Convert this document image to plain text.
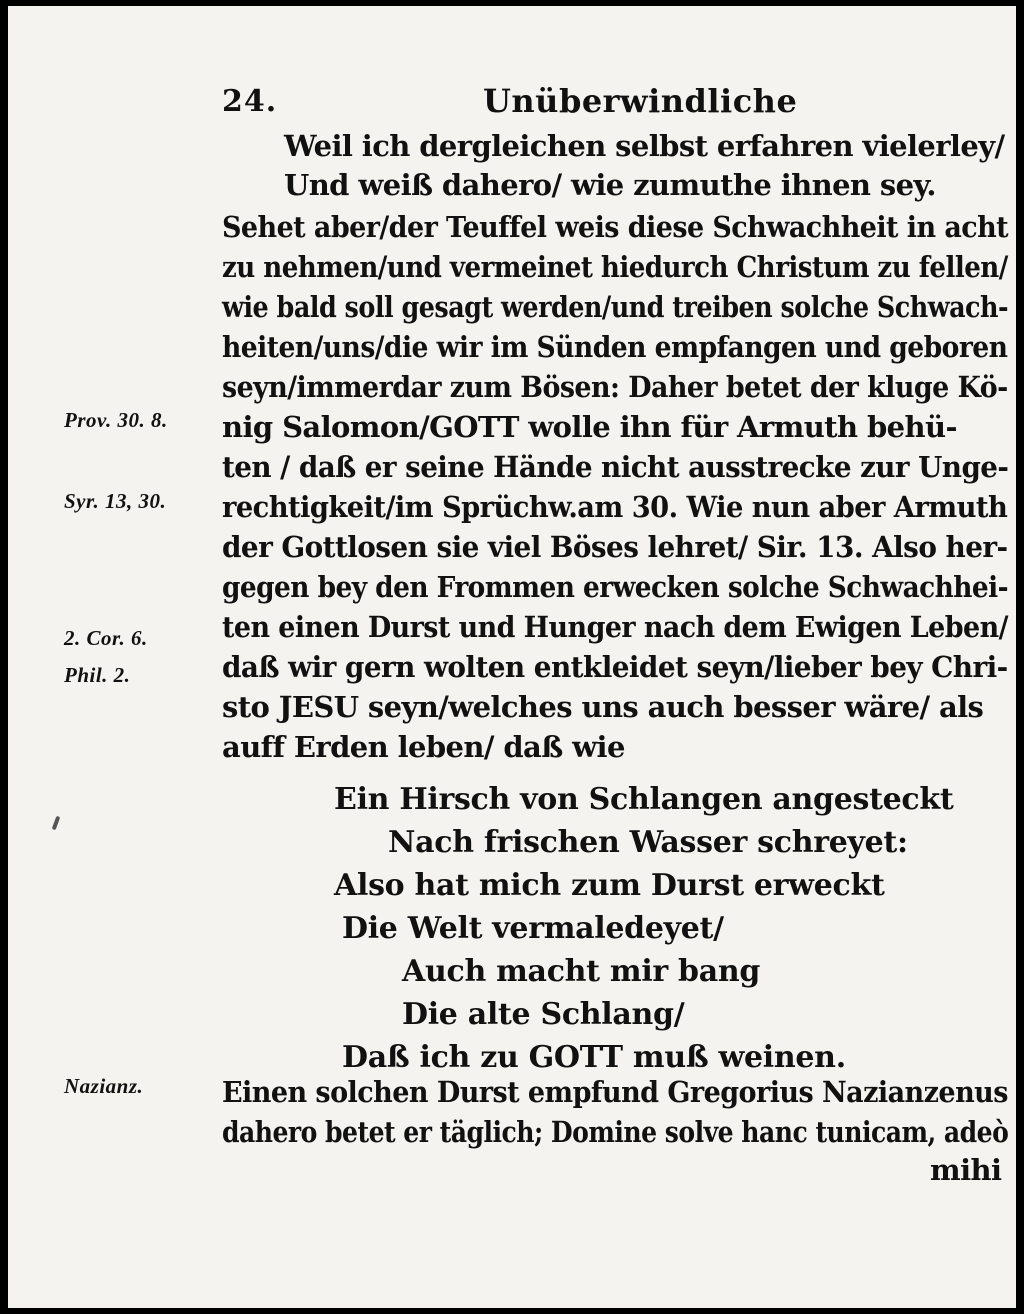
24.	Unüberwindliche
Weil ich dergleichen selbst erfahren vielerley/
Und weiß dahero/ wie zumuthe ihnen sey.
Sehet aber/der Teuffel weis diese Schwachheit in acht
zu nehmen/und vermeinet hiedurch Christum zu fellen/
wie bald soll gesagt werden/und treiben solche Schwach-
heiten/uns/die wir im Sünden empfangen und geboren
seyn/immerdar zum Bösen: Daher betet der kluge Kö-
nig Salomon/GOTT wolle ihn für Armuth behü-
ten / daß er seine Hände nicht ausstrecke zur Unge-
rechtigkeit/im Sprüchw.am 30. Wie nun aber Armuth
der Gottlosen sie viel Böses lehret/ Sir. 13. Also her-
gegen bey den Frommen erwecken solche Schwachhei-
ten einen Durst und Hunger nach dem Ewigen Leben/
daß wir gern wolten entkleidet seyn/lieber bey Chri-
sto JESU seyn/welches uns auch besser wäre/ als
auff Erden leben/ daß wie
Ein Hirsch von Schlangen angesteckt
Nach frischen Wasser schreyet:
Also hat mich zum Durst erweckt
Die Welt vermaledeyet/
Auch macht mir bang
Die alte Schlang/
Daß ich zu GOTT muß weinen.
Einen solchen Durst empfund Gregorius Nazianzenus
dahero betet er täglich; Domine solve hanc tunicam, adeò
mihi
Prov. 30. 8.
Syr. 13, 30.
2. Cor. 6.
Phil. 2.
Nazianz.
